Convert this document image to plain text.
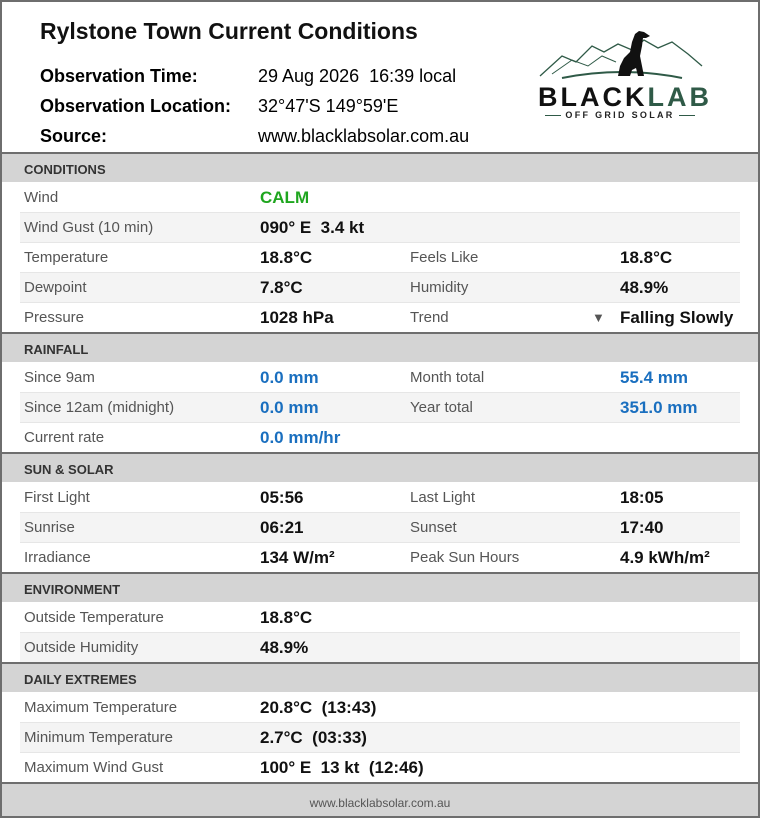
Rylstone Town Current Conditions
Observation Time:	29 Aug 2026  16:39 local
Observation Location: 32°47'S 149°59'E
Source:	www.blacklabsolar.com.au
BLACKLAB
OFF GRID SOLAR
CONDITIONS
Wind	CALM
Wind Gust (10 min)	090° E  3.4 kt
Temperature	18.8°C	Feels Like	18.8°C
Dewpoint	7.8°C	Humidity	48.9%
Pressure	1028 hPa	Trend	▼ Falling Slowly
RAINFALL
Since 9am	0.0 mm	Month total	55.4 mm
Since 12am (midnight)	0.0 mm	Year total	351.0 mm
Current rate	0.0 mm/hr
SUN & SOLAR
First Light	05:56	Last Light	18:05
Sunrise	06:21	Sunset	17:40
Irradiance	134 W/m²	Peak Sun Hours	4.9 kWh/m²
ENVIRONMENT
Outside Temperature	18.8°C
Outside Humidity	48.9%
DAILY EXTREMES
Maximum Temperature	20.8°C  (13:43)
Minimum Temperature	2.7°C  (03:33)
Maximum Wind Gust	100° E  13 kt  (12:46)
www.blacklabsolar.com.au
